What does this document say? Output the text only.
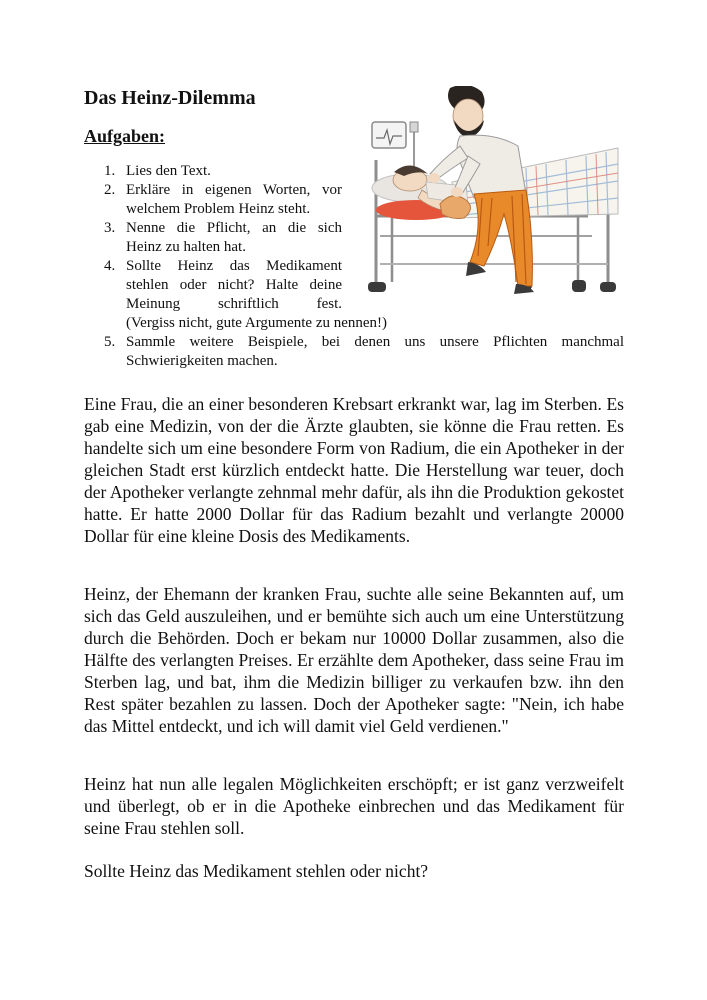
Das Heinz-Dilemma
Aufgaben:
1. Lies den Text.
2. Erkläre in eigenen Worten, vor welchem Problem Heinz steht.
3. Nenne die Pflicht, an die sich Heinz zu halten hat.
4. Sollte Heinz das Medikament stehlen oder nicht? Halte deine Meinung schriftlich fest.
(Vergiss nicht, gute Argumente zu nennen!)
5. Sammle weitere Beispiele, bei denen uns unsere Pflichten manchmal Schwierigkeiten machen.

Eine Frau, die an einer besonderen Krebsart erkrankt war, lag im Sterben. Es gab eine Medizin, von der die Ärzte glaubten, sie könne die Frau retten. Es handelte sich um eine besondere Form von Radium, die ein Apotheker in der gleichen Stadt erst kürzlich entdeckt hatte. Die Herstellung war teuer, doch der Apotheker verlangte zehnmal mehr dafür, als ihn die Produktion gekostet hatte. Er hatte 2000 Dollar für das Radium bezahlt und verlangte 20000 Dollar für eine kleine Dosis des Medikaments.

Heinz, der Ehemann der kranken Frau, suchte alle seine Bekannten auf, um sich das Geld auszuleihen, und er bemühte sich auch um eine Unterstützung durch die Behörden. Doch er bekam nur 10000 Dollar zusammen, also die Hälfte des verlangten Preises. Er erzählte dem Apotheker, dass seine Frau im Sterben lag, und bat, ihm die Medizin billiger zu verkaufen bzw. ihn den Rest später bezahlen zu lassen. Doch der Apotheker sagte: "Nein, ich habe das Mittel entdeckt, und ich will damit viel Geld verdienen."

Heinz hat nun alle legalen Möglichkeiten erschöpft; er ist ganz verzweifelt und überlegt, ob er in die Apotheke einbrechen und das Medikament für seine Frau stehlen soll.

Sollte Heinz das Medikament stehlen oder nicht?
